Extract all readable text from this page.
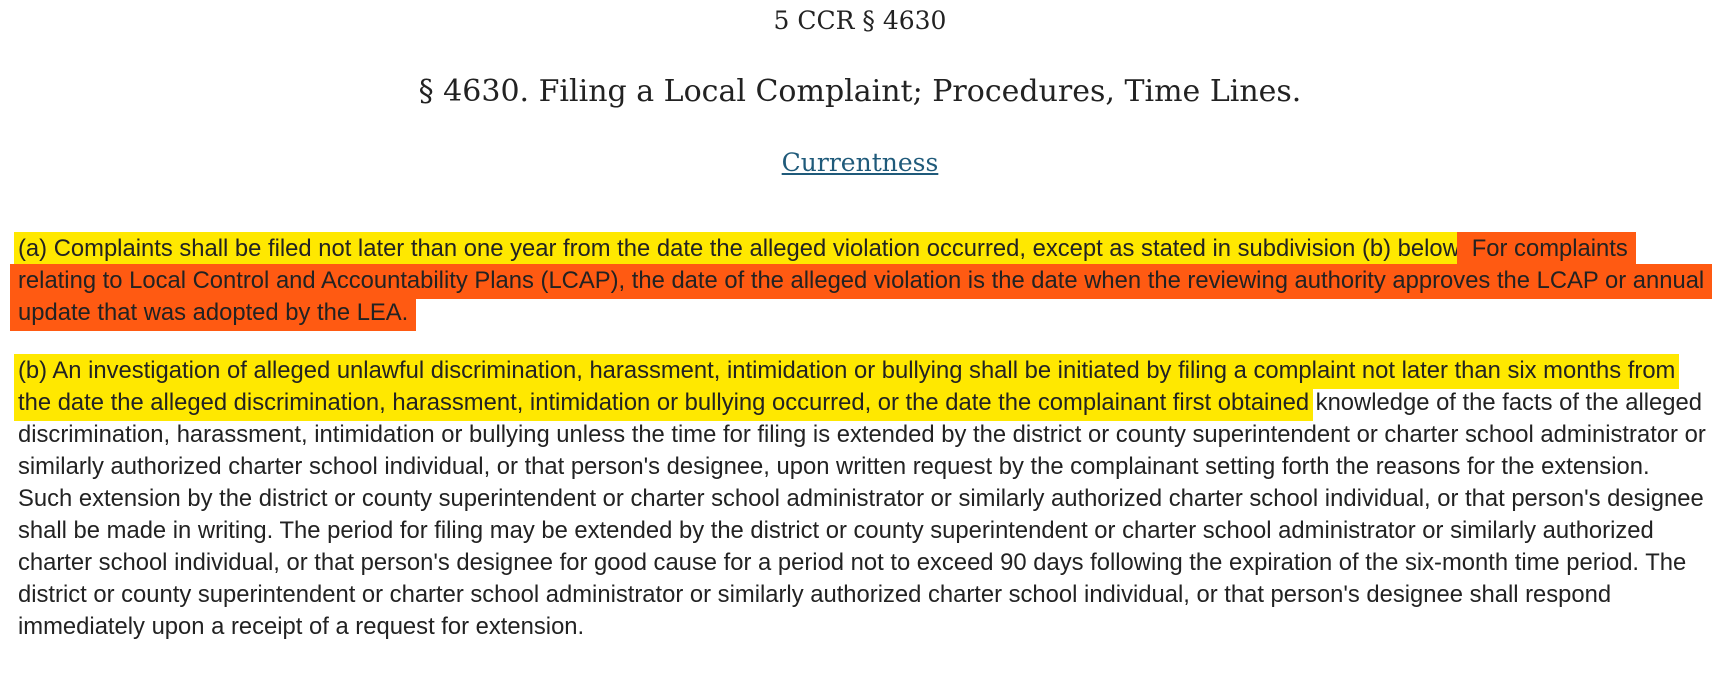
5 CCR § 4630
§ 4630. Filing a Local Complaint; Procedures, Time Lines.
Currentness

(a) Complaints shall be filed not later than one year from the date the alleged violation occurred, except as stated in subdivision (b) below. For complaints relating to Local Control and Accountability Plans (LCAP), the date of the alleged violation is the date when the reviewing authority approves the LCAP or annual update that was adopted by the LEA.

(b) An investigation of alleged unlawful discrimination, harassment, intimidation or bullying shall be initiated by filing a complaint not later than six months from the date the alleged discrimination, harassment, intimidation or bullying occurred, or the date the complainant first obtained knowledge of the facts of the alleged discrimination, harassment, intimidation or bullying unless the time for filing is extended by the district or county superintendent or charter school administrator or similarly authorized charter school individual, or that person's designee, upon written request by the complainant setting forth the reasons for the extension. Such extension by the district or county superintendent or charter school administrator or similarly authorized charter school individual, or that person's designee shall be made in writing. The period for filing may be extended by the district or county superintendent or charter school administrator or similarly authorized charter school individual, or that person's designee for good cause for a period not to exceed 90 days following the expiration of the six-month time period. The district or county superintendent or charter school administrator or similarly authorized charter school individual, or that person's designee shall respond immediately upon a receipt of a request for extension.
